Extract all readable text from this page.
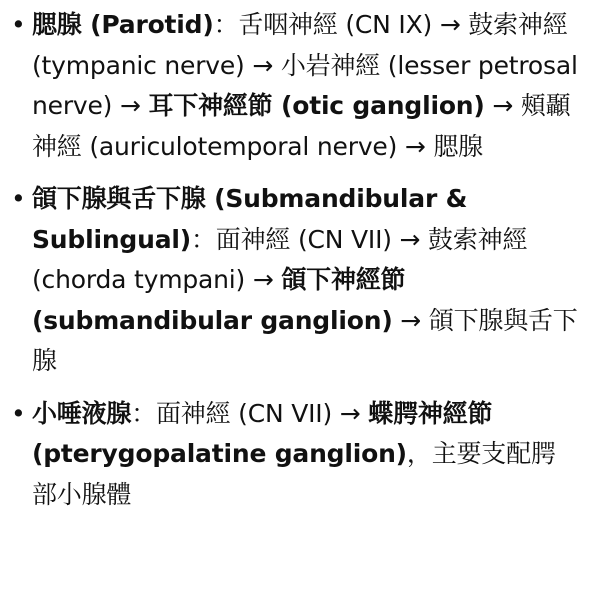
• 腮腺 (Parotid)：舌咽神經 (CN IX) → 鼓索神經 (tympanic nerve) → 小岩神經 (lesser petrosal nerve) → 耳下神經節 (otic ganglion) → 頰顳神經 (auriculotemporal nerve) → 腮腺
• 頜下腺與舌下腺 (Submandibular & Sublingual)：面神經 (CN VII) → 鼓索神經 (chorda tympani) → 頜下神經節 (submandibular ganglion) → 頜下腺與舌下腺
• 小唾液腺：面神經 (CN VII) → 蝶腭神經節 (pterygopalatine ganglion)，主要支配腭部小腺體
